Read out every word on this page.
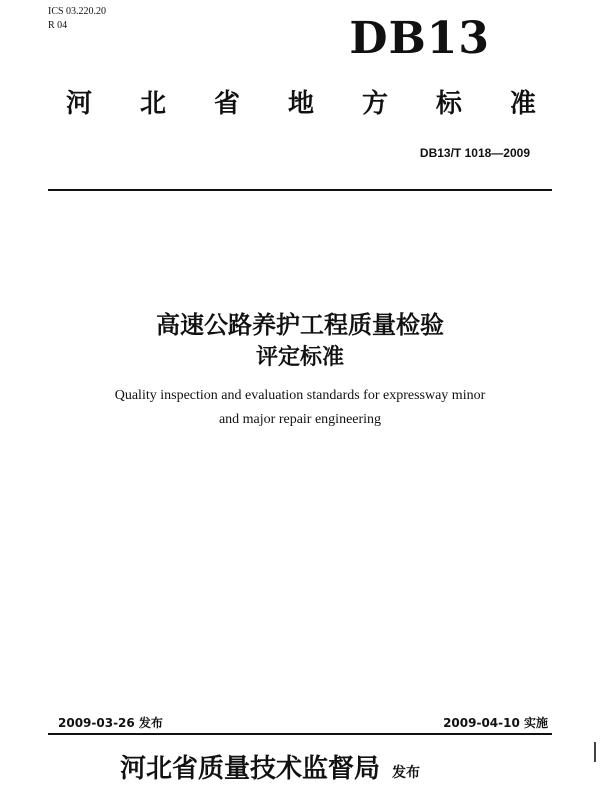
ICS 03.220.20
R 04	DB13
河 北 省 地 方 标 准
DB13/T 1018—2009
高速公路养护工程质量检验
评定标准
Quality inspection and evaluation standards for expressway minor
and major repair engineering
2009-03-26 发布	2009-04-10 实施
河北省质量技术监督局 发布
